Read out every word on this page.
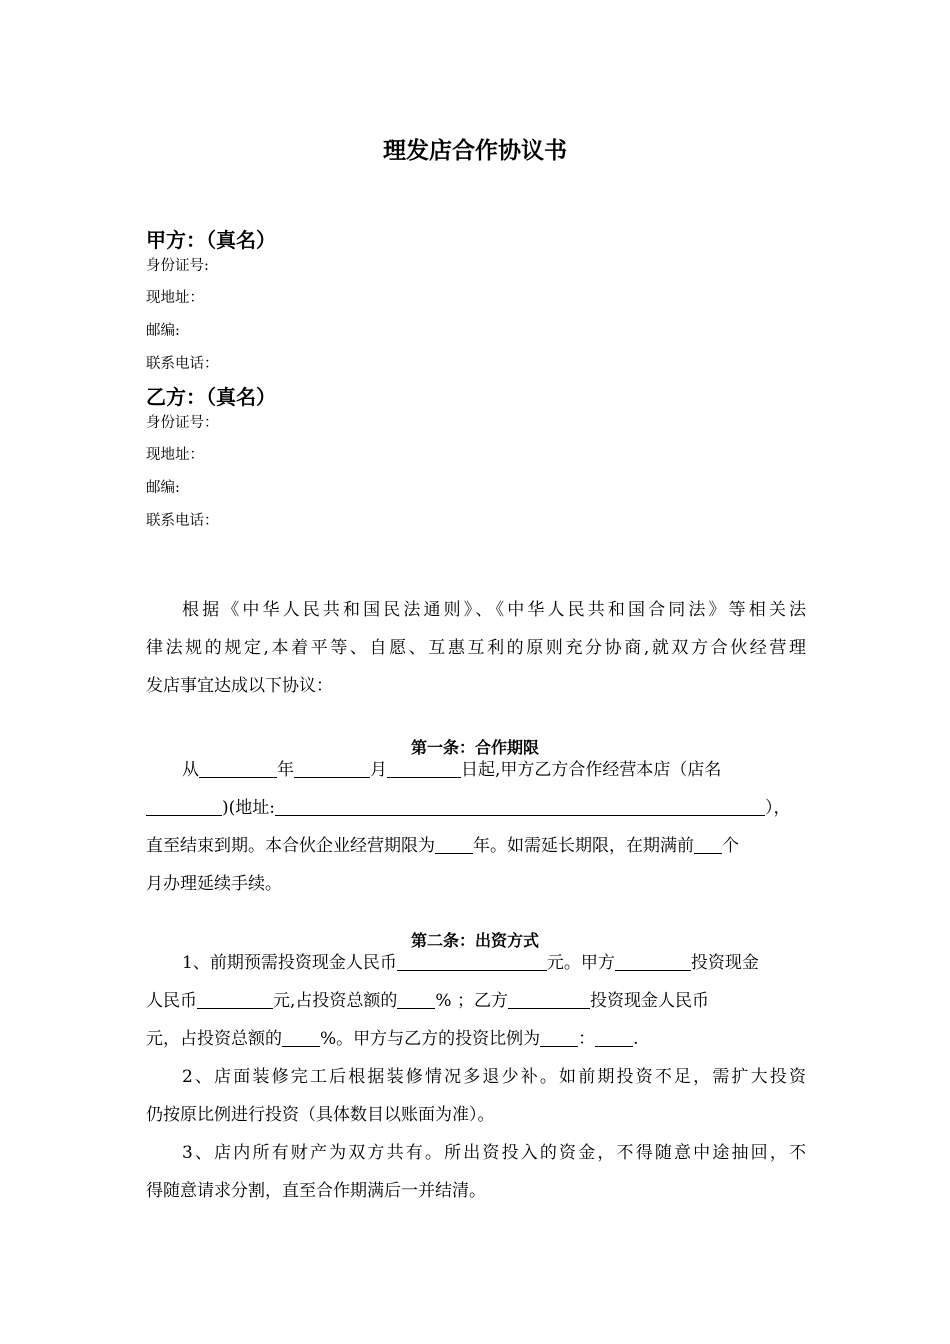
理发店合作协议书
甲方：（真名）
身份证号:
现地址：
邮编:
联系电话：
乙方：（真名）
身份证号：
现地址：
邮编:
联系电话：
根据《中华人民共和国民法通则》、《中华人民共和国合同法》等相关法
律法规的规定,本着平等、自愿、互惠互利的原则充分协商,就双方合伙经营理
发店事宜达成以下协议：
第一条：合作期限
从	年	月	日起,甲方乙方合作经营本店（店名
)(地址:	），
直至结束到期。本合伙企业经营期限为 年。如需延长期限，在期满前 个
月办理延续手续。
第二条：出资方式
1、前期预需投资现金人民币	元。甲方	投资现金
人民币	元,占投资总额的 % ；乙方	投资现金人民币
元，占投资总额的 %。甲方与乙方的投资比例为 ： .
2、店面装修完工后根据装修情况多退少补。如前期投资不足，需扩大投资
仍按原比例进行投资（具体数目以账面为准）。
3、店内所有财产为双方共有。所出资投入的资金，不得随意中途抽回，不
得随意请求分割，直至合作期满后一并结清。
